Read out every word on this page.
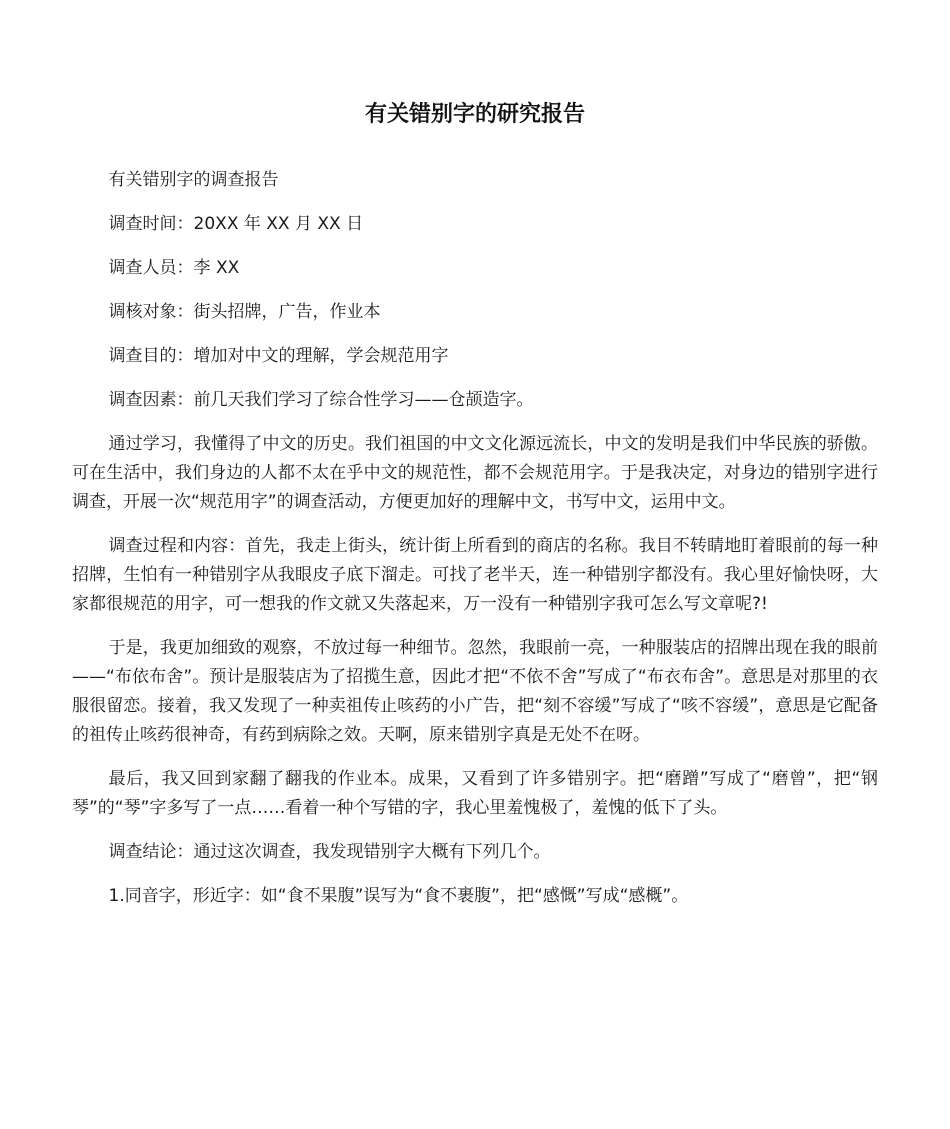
有关错别字的研究报告

有关错别字的调查报告

调查时间：20XX 年 XX 月 XX 日

调查人员：李 XX

调核对象：街头招牌，广告，作业本

调查目的：增加对中文的理解，学会规范用字

调查因素：前几天我们学习了综合性学习——仓颉造字。

通过学习，我懂得了中文的历史。我们祖国的中文文化源远流长，中文的发明是我们中华民族的骄傲。可在生活中，我们身边的人都不太在乎中文的规范性，都不会规范用字。于是我决定，对身边的错别字进行调查，开展一次“规范用字”的调查活动，方便更加好的理解中文，书写中文，运用中文。

调查过程和内容：首先，我走上街头，统计街上所看到的商店的名称。我目不转睛地盯着眼前的每一种招牌，生怕有一种错别字从我眼皮子底下溜走。可找了老半天，连一种错别字都没有。我心里好愉快呀，大家都很规范的用字，可一想我的作文就又失落起来，万一没有一种错别字我可怎么写文章呢?!

于是，我更加细致的观察，不放过每一种细节。忽然，我眼前一亮，一种服装店的招牌出现在我的眼前——“布依布舍”。预计是服装店为了招揽生意，因此才把“不依不舍”写成了“布衣布舍”。意思是对那里的衣服很留恋。接着，我又发现了一种卖祖传止咳药的小广告，把“刻不容缓”写成了“咳不容缓”，意思是它配备的祖传止咳药很神奇，有药到病除之效。天啊，原来错别字真是无处不在呀。

最后，我又回到家翻了翻我的作业本。成果，又看到了许多错别字。把“磨蹭”写成了“磨曾”，把“钢琴”的“琴”字多写了一点……看着一种个写错的字，我心里羞愧极了，羞愧的低下了头。

调查结论：通过这次调查，我发现错别字大概有下列几个。

1.同音字，形近字：如“食不果腹”误写为“食不裹腹”，把“感慨”写成“感概”。
